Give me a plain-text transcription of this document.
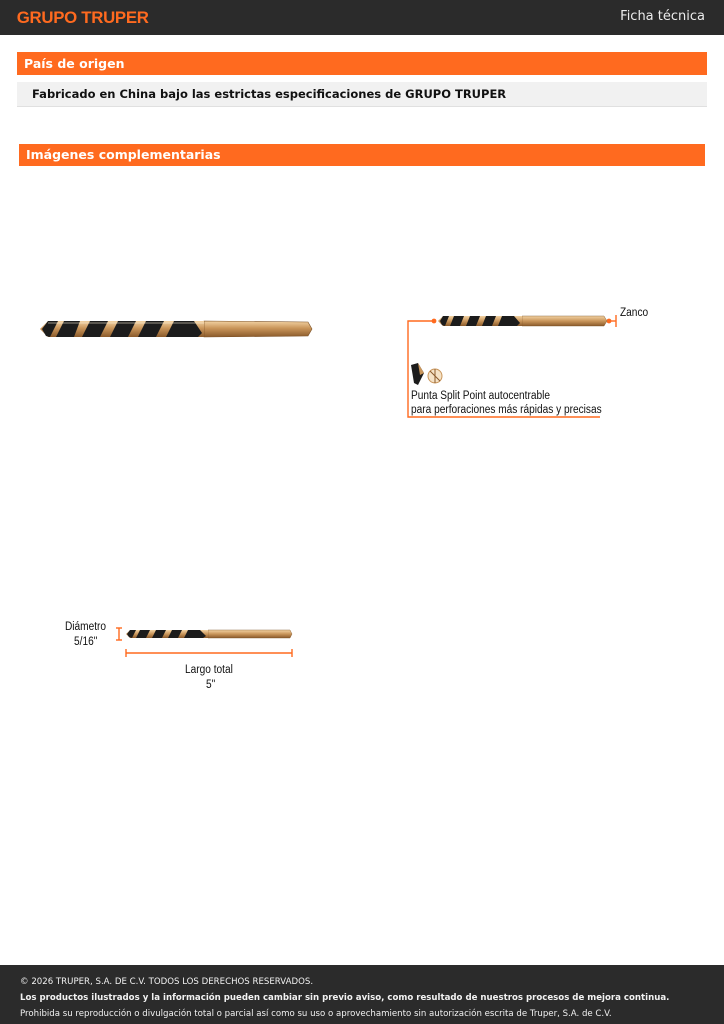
GRUPO TRUPER	Ficha técnica
País de origen
Fabricado en China bajo las estrictas especificaciones de GRUPO TRUPER
Imágenes complementarias
Zanco
Punta Split Point autocentrable
para perforaciones más rápidas y precisas
Diámetro
5/16"
Largo total
5"
© 2026 TRUPER, S.A. DE C.V. TODOS LOS DERECHOS RESERVADOS.
Los productos ilustrados y la información pueden cambiar sin previo aviso, como resultado de nuestros procesos de mejora continua.
Prohibida su reproducción o divulgación total o parcial así como su uso o aprovechamiento sin autorización escrita de Truper, S.A. de C.V.
